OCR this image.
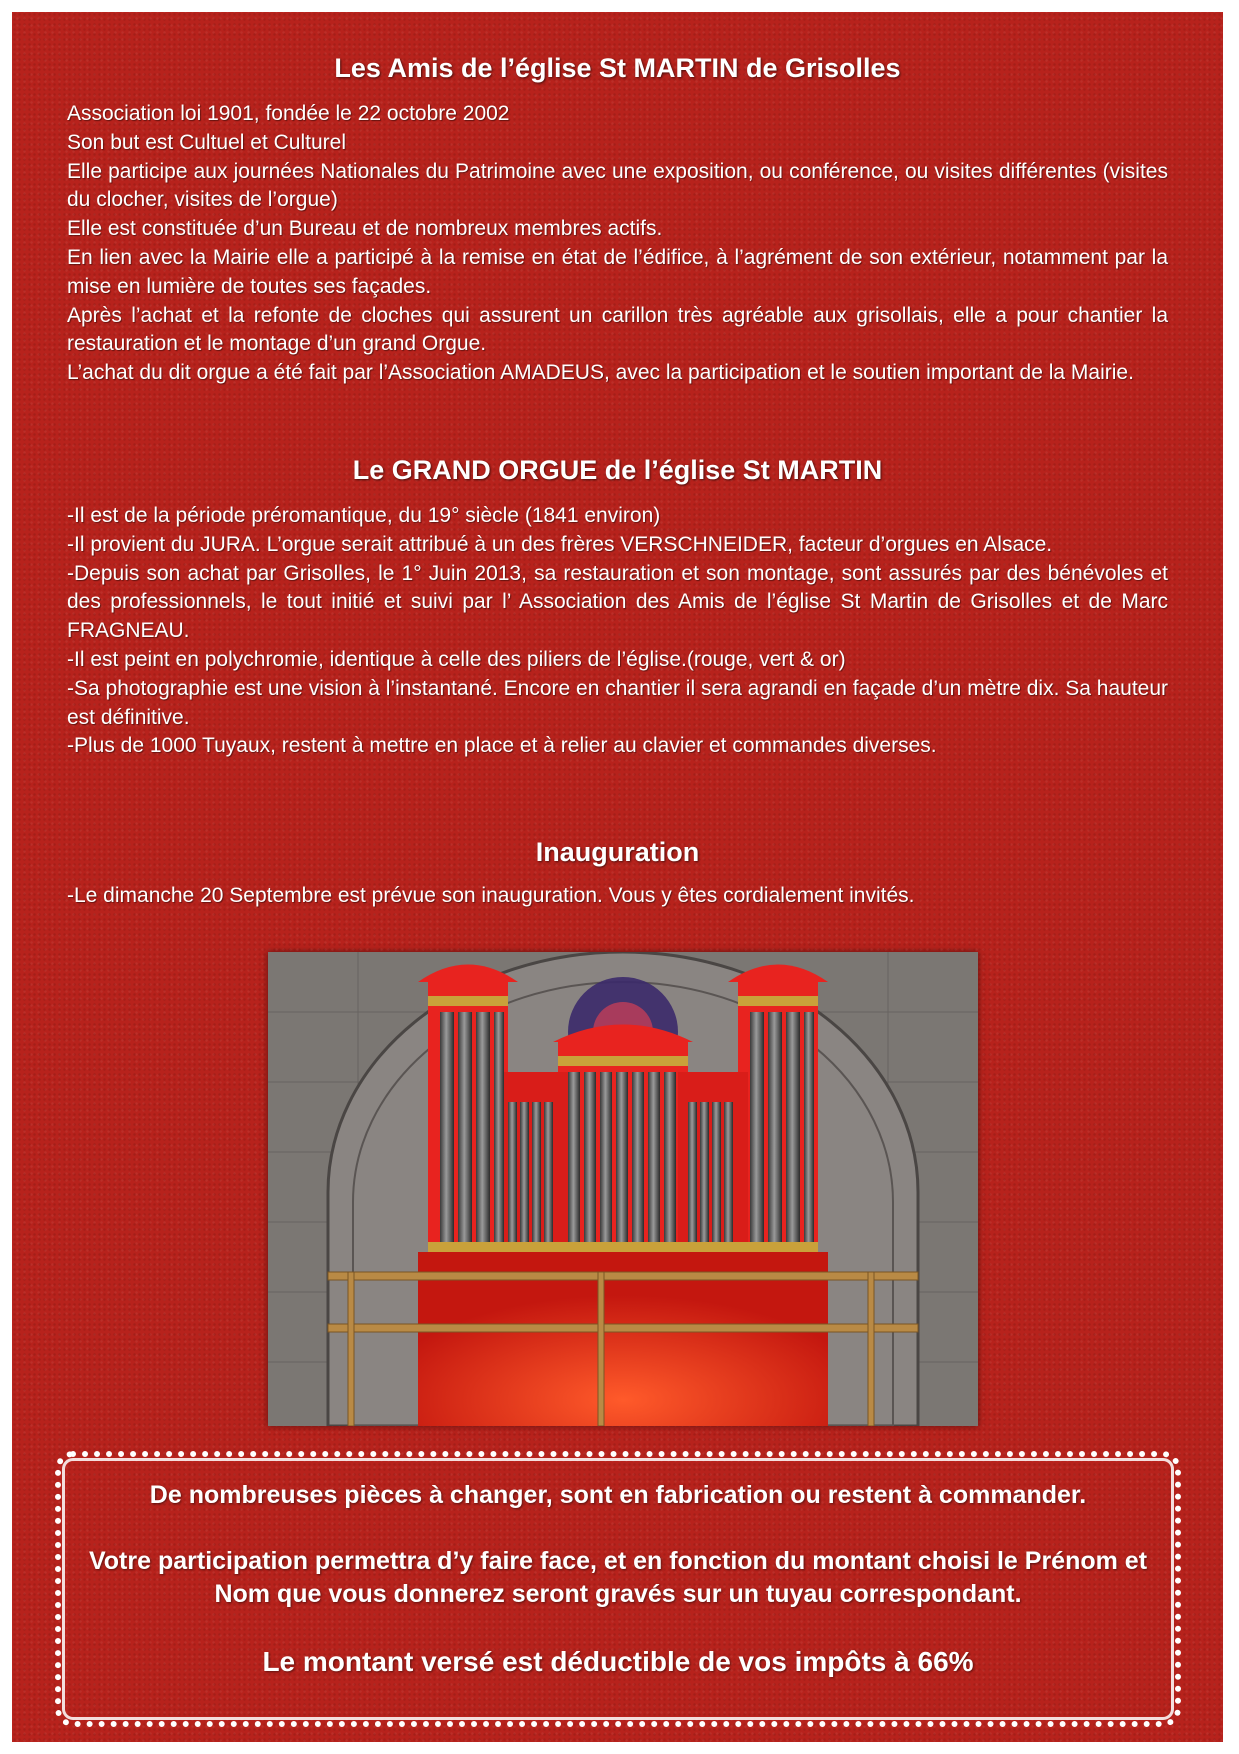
Les Amis de l’église St MARTIN de Grisolles
Association loi 1901, fondée le 22 octobre 2002
Son but est Cultuel et Culturel
Elle participe aux journées Nationales du Patrimoine avec une exposition, ou conférence, ou visites différentes (visites du clocher, visites de l’orgue)
Elle est constituée d’un Bureau et de nombreux membres actifs.
En lien avec la Mairie elle a participé à la remise en état de l’édifice, à l’agrément de son extérieur, notamment par la mise en lumière de toutes ses façades.
Après l’achat et la refonte de cloches qui assurent un carillon très agréable aux grisollais, elle a pour chantier la restauration et le montage d’un grand Orgue.
L’achat du dit orgue a été fait par l’Association AMADEUS, avec la participation et le soutien important de la Mairie.
Le GRAND ORGUE de l’église St MARTIN
-Il est de la période préromantique, du 19° siècle (1841 environ)
-Il provient du JURA. L’orgue serait attribué à un des frères VERSCHNEIDER, facteur d’orgues en Alsace.
-Depuis son achat par Grisolles, le 1° Juin 2013, sa restauration et son montage, sont assurés par des bénévoles et des professionnels, le tout initié et suivi par l’ Association des Amis de l’église St Martin de Grisolles et de Marc FRAGNEAU.
-Il est peint en polychromie, identique à celle des piliers de l’église.(rouge, vert & or)
-Sa photographie est une vision à l’instantané. Encore en chantier il sera agrandi en façade d’un mètre dix. Sa hauteur est définitive.
-Plus de 1000 Tuyaux, restent à mettre en place et à relier au clavier et commandes diverses.
Inauguration
-Le dimanche 20 Septembre est prévue son inauguration. Vous y êtes cordialement invités.

De nombreuses pièces à changer, sont en fabrication ou restent à commander.

Votre participation permettra d’y faire face, et en fonction du montant choisi le Prénom et Nom que vous donnerez seront gravés sur un tuyau correspondant.

Le montant versé est déductible de vos impôts à 66%
